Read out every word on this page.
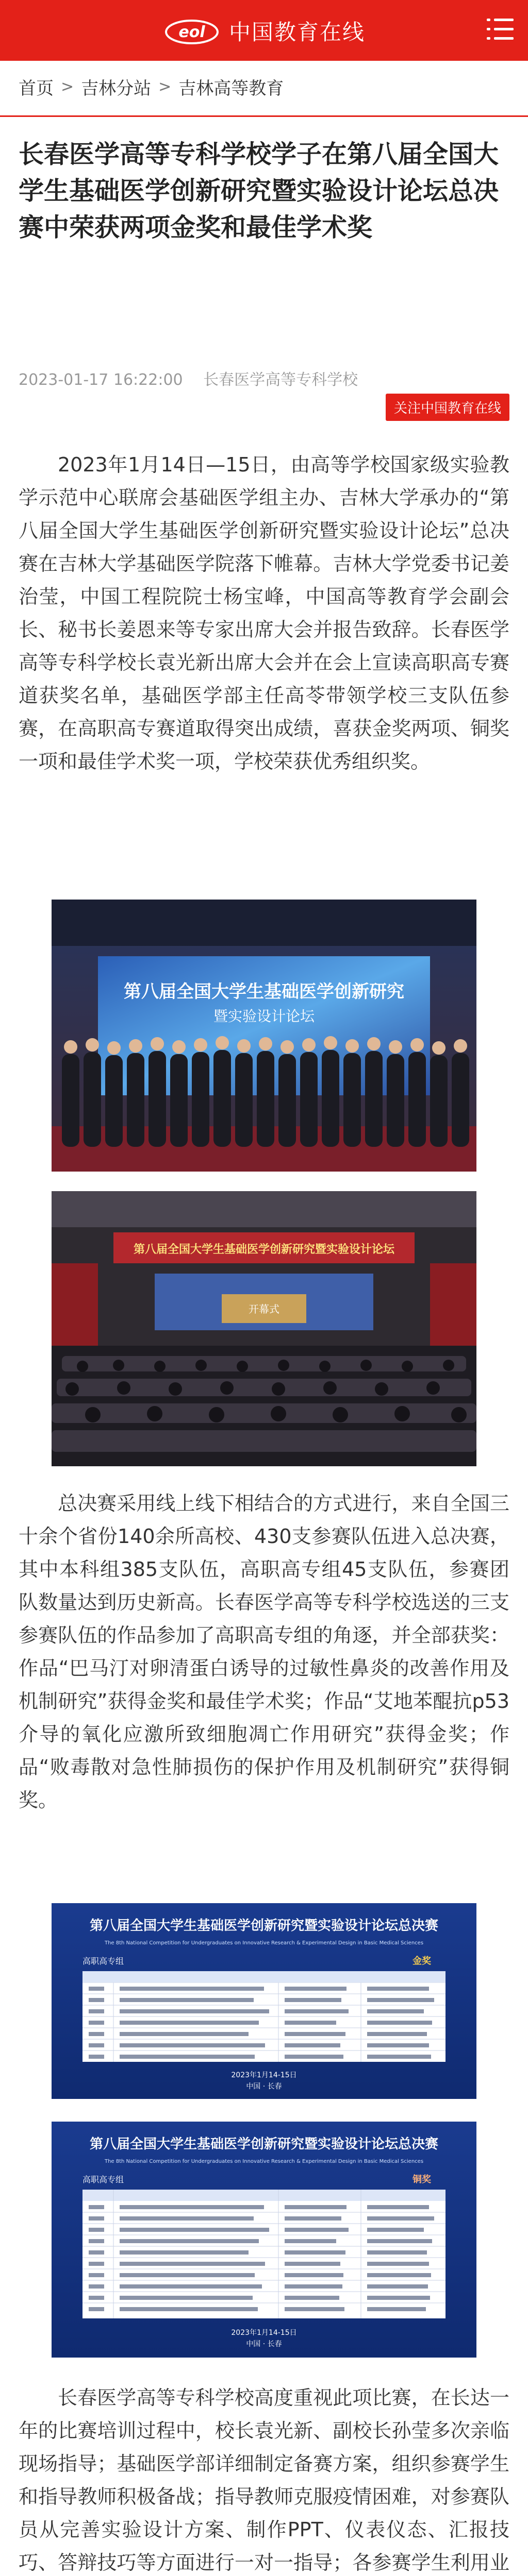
eol 中国教育在线
首页 > 吉林分站 > 吉林高等教育
长春医学高等专科学校学子在第八届全国大学生基础医学创新研究暨实验设计论坛总决赛中荣获两项金奖和最佳学术奖
2023-01-17 16:22:00 长春医学高等专科学校
关注中国教育在线

2023年1月14日—15日，由高等学校国家级实验教学示范中心联席会基础医学组主办、吉林大学承办的“第八届全国大学生基础医学创新研究暨实验设计论坛”总决赛在吉林大学基础医学院落下帷幕。吉林大学党委书记姜治莹，中国工程院院士杨宝峰，中国高等教育学会副会长、秘书长姜恩来等专家出席大会并报告致辞。长春医学高等专科学校长袁光新出席大会并在会上宣读高职高专赛道获奖名单，基础医学部主任高苓带领学校三支队伍参赛，在高职高专赛道取得突出成绩，喜获金奖两项、铜奖一项和最佳学术奖一项，学校荣获优秀组织奖。

第八届全国大学生基础医学创新研究
暨实验设计论坛
第八届全国大学生基础医学创新研究暨实验设计论坛
开幕式

总决赛采用线上线下相结合的方式进行，来自全国三十余个省份140余所高校、430支参赛队伍进入总决赛，其中本科组385支队伍，高职高专组45支队伍，参赛团队数量达到历史新高。长春医学高等专科学校选送的三支参赛队伍的作品参加了高职高专组的角逐，并全部获奖：作品“巴马汀对卵清蛋白诱导的过敏性鼻炎的改善作用及机制研究”获得金奖和最佳学术奖；作品“艾地苯醌抗p53介导的氧化应激所致细胞凋亡作用研究”获得金奖；作品“败毒散对急性肺损伤的保护作用及机制研究”获得铜奖。

第八届全国大学生基础医学创新研究暨实验设计论坛总决赛
The 8th National Competition for Undergraduates on Innovative Research & Experimental Design in Basic Medical Sciences
高职高专组	金奖
2023年1月14-15日
中国 · 长春
第八届全国大学生基础医学创新研究暨实验设计论坛总决赛
The 8th National Competition for Undergraduates on Innovative Research & Experimental Design in Basic Medical Sciences
高职高专组	铜奖
2023年1月14-15日
中国 · 长春

长春医学高等专科学校高度重视此项比赛，在长达一年的比赛培训过程中，校长袁光新、副校长孙莹多次亲临现场指导；基础医学部详细制定备赛方案，组织参赛学生和指导教师积极备战；指导教师克服疫情困难，对参赛队员从完善实验设计方案、制作PPT、仪表仪态、汇报技巧、答辩技巧等方面进行一对一指导；各参赛学生利用业
